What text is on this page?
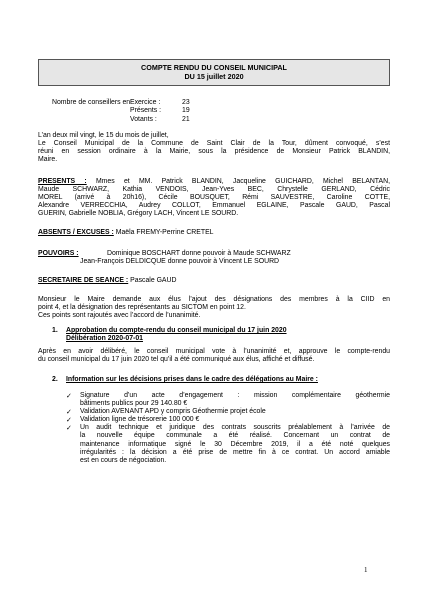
COMPTE RENDU DU CONSEIL MUNICIPAL
DU 15 juillet 2020
Nombre de conseillers en Exercice :	23
Présents :	19
Votants :	21
L’an deux mil vingt, le 15 du mois de juillet,
Le Conseil Municipal de la Commune de Saint Clair de la Tour, dûment convoqué, s’est
réuni en session ordinaire à la Mairie, sous la présidence de Monsieur Patrick BLANDIN,
Maire.
PRESENTS : Mmes et MM. Patrick BLANDIN, Jacqueline GUICHARD, Michel BELANTAN,
Maude SCHWARZ, Kathia VENDOIS, Jean-Yves BEC, Chrystelle GERLAND, Cédric
MOREL (arrivé à 20h16), Cécile BOUSQUET, Rémi SAUVESTRE, Caroline COTTE,
Alexandre VERRECCHIA, Audrey COLLOT, Emmanuel EGLAINE, Pascale GAUD, Pascal
GUERIN, Gabrielle NOBLIA, Grégory LACH, Vincent LE SOURD.

ABSENTS / EXCUSES : Maëla FREMY-Perrine CRETEL

POUVOIRS :	Dominique BOSCHART donne pouvoir à Maude SCHWARZ

Jean-François DELDICQUE donne pouvoir à Vincent LE SOURD

SECRETAIRE DE SEANCE : Pascale GAUD

Monsieur le Maire demande aux élus l’ajout des désignations des membres à la CIID en
point 4, et la désignation des représentants au SICTOM en point 12.
Ces points sont rajoutés avec l’accord de l’unanimité.
1. Approbation du compte-rendu du conseil municipal du 17 juin 2020
Délibération 2020-07-01
Après en avoir délibéré, le conseil municipal vote à l’unanimité et, approuve le compte-rendu
du conseil municipal du 17 juin 2020 tel qu’il a été communiqué aux élus, affiché et diffusé.
2. Information sur les décisions prises dans le cadre des délégations au Maire :
✓ Signature d’un acte d’engagement : mission complémentaire géothermie
bâtiments publics pour 29 140.80 €
✓ Validation AVENANT APD y compris Géothermie projet école
✓ Validation ligne de trésorerie 100 000 €
✓ Un audit technique et juridique des contrats souscrits préalablement à l’arrivée de
la nouvelle équipe communale a été réalisé. Concernant un contrat de
maintenance informatique signé le 30 Décembre 2019, il a été noté quelques
irrégularités : la décision a été prise de mettre fin à ce contrat. Un accord amiable
est en cours de négociation.
1
